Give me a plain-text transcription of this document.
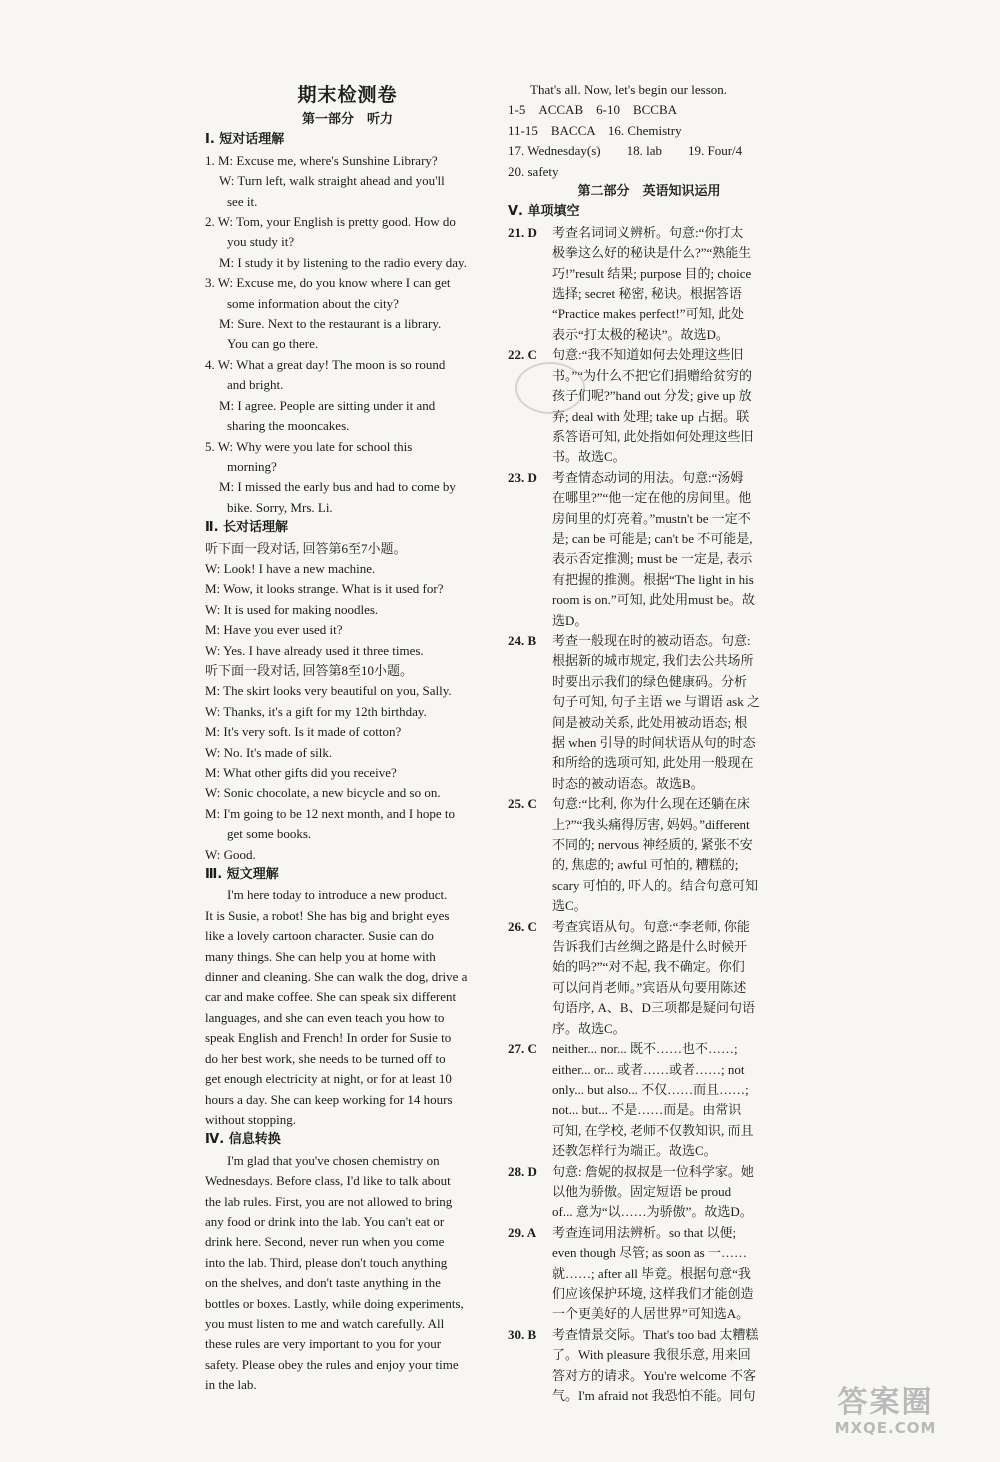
期末检测卷
第一部分　听力
Ⅰ. 短对话理解
1. M: Excuse me, where's Sunshine Library?
W: Turn left, walk straight ahead and you'll
see it.
2. W: Tom, your English is pretty good. How do
you study it?
M: I study it by listening to the radio every day.
3. W: Excuse me, do you know where I can get
some information about the city?
M: Sure. Next to the restaurant is a library.
You can go there.
4. W: What a great day! The moon is so round
and bright.
M: I agree. People are sitting under it and
sharing the mooncakes.
5. W: Why were you late for school this
morning?
M: I missed the early bus and had to come by
bike. Sorry, Mrs. Li.
Ⅱ. 长对话理解
听下面一段对话, 回答第6至7小题。
W: Look! I have a new machine.
M: Wow, it looks strange. What is it used for?
W: It is used for making noodles.
M: Have you ever used it?
W: Yes. I have already used it three times.
听下面一段对话, 回答第8至10小题。
M: The skirt looks very beautiful on you, Sally.
W: Thanks, it's a gift for my 12th birthday.
M: It's very soft. Is it made of cotton?
W: No. It's made of silk.
M: What other gifts did you receive?
W: Sonic chocolate, a new bicycle and so on.
M: I'm going to be 12 next month, and I hope to
get some books.
W: Good.
Ⅲ. 短文理解
I'm here today to introduce a new product.
It is Susie, a robot! She has big and bright eyes
like a lovely cartoon character. Susie can do
many things. She can help you at home with
dinner and cleaning. She can walk the dog, drive a
car and make coffee. She can speak six different
languages, and she can even teach you how to
speak English and French! In order for Susie to
do her best work, she needs to be turned off to
get enough electricity at night, or for at least 10
hours a day. She can keep working for 14 hours
without stopping.
Ⅳ. 信息转换
I'm glad that you've chosen chemistry on
Wednesdays. Before class, I'd like to talk about
the lab rules. First, you are not allowed to bring
any food or drink into the lab. You can't eat or
drink here. Second, never run when you come
into the lab. Third, please don't touch anything
on the shelves, and don't taste anything in the
bottles or boxes. Lastly, while doing experiments,
you must listen to me and watch carefully. All
these rules are very important to you for your
safety. Please obey the rules and enjoy your time
in the lab.
That's all. Now, let's begin our lesson.
1-5　ACCAB　6-10　BCCBA
11-15　BACCA　16. Chemistry
17. Wednesday(s)　　18. lab　　19. Four/4
20. safety
第二部分　英语知识运用
Ⅴ. 单项填空
21. D	考查名词词义辨析。句意:“你打太
极拳这么好的秘诀是什么?”“熟能生
巧!”result 结果; purpose 目的; choice
选择; secret 秘密, 秘诀。根据答语
“Practice makes perfect!”可知, 此处
表示“打太极的秘诀”。故选D。
22. C	句意:“我不知道如何去处理这些旧
书。”“为什么不把它们捐赠给贫穷的
孩子们呢?”hand out 分发; give up 放
弃; deal with 处理; take up 占据。联
系答语可知, 此处指如何处理这些旧
书。故选C。
23. D	考查情态动词的用法。句意:“汤姆
在哪里?”“他一定在他的房间里。他
房间里的灯亮着。”mustn't be 一定不
是; can be 可能是; can't be 不可能是,
表示否定推测; must be 一定是, 表示
有把握的推测。根据“The light in his
room is on.”可知, 此处用must be。故
选D。
24. B	考查一般现在时的被动语态。句意:
根据新的城市规定, 我们去公共场所
时要出示我们的绿色健康码。分析
句子可知, 句子主语 we 与谓语 ask 之
间是被动关系, 此处用被动语态; 根
据 when 引导的时间状语从句的时态
和所给的选项可知, 此处用一般现在
时态的被动语态。故选B。
25. C	句意:“比利, 你为什么现在还躺在床
上?”“我头痛得厉害, 妈妈。”different
不同的; nervous 神经质的, 紧张不安
的, 焦虑的; awful 可怕的, 糟糕的;
scary 可怕的, 吓人的。结合句意可知
选C。
26. C	考查宾语从句。句意:“李老师, 你能
告诉我们古丝绸之路是什么时候开
始的吗?”“对不起, 我不确定。你们
可以问肖老师。”宾语从句要用陈述
句语序, A、B、D三项都是疑问句语
序。故选C。
27. C	neither... nor... 既不……也不……;
either... or... 或者……或者……; not
only... but also... 不仅……而且……;
not... but... 不是……而是。由常识
可知, 在学校, 老师不仅教知识, 而且
还教怎样行为端正。故选C。
28. D	句意: 詹妮的叔叔是一位科学家。她
以他为骄傲。固定短语 be proud
of... 意为“以……为骄傲”。故选D。
29. A	考查连词用法辨析。so that 以便;
even though 尽管; as soon as 一……
就……; after all 毕竟。根据句意“我
们应该保护环境, 这样我们才能创造
一个更美好的人居世界”可知选A。
30. B	考查情景交际。That's too bad 太糟糕
了。With pleasure 我很乐意, 用来回
答对方的请求。You're welcome 不客
气。I'm afraid not 我恐怕不能。同句	答案圈
MXQE.COM
